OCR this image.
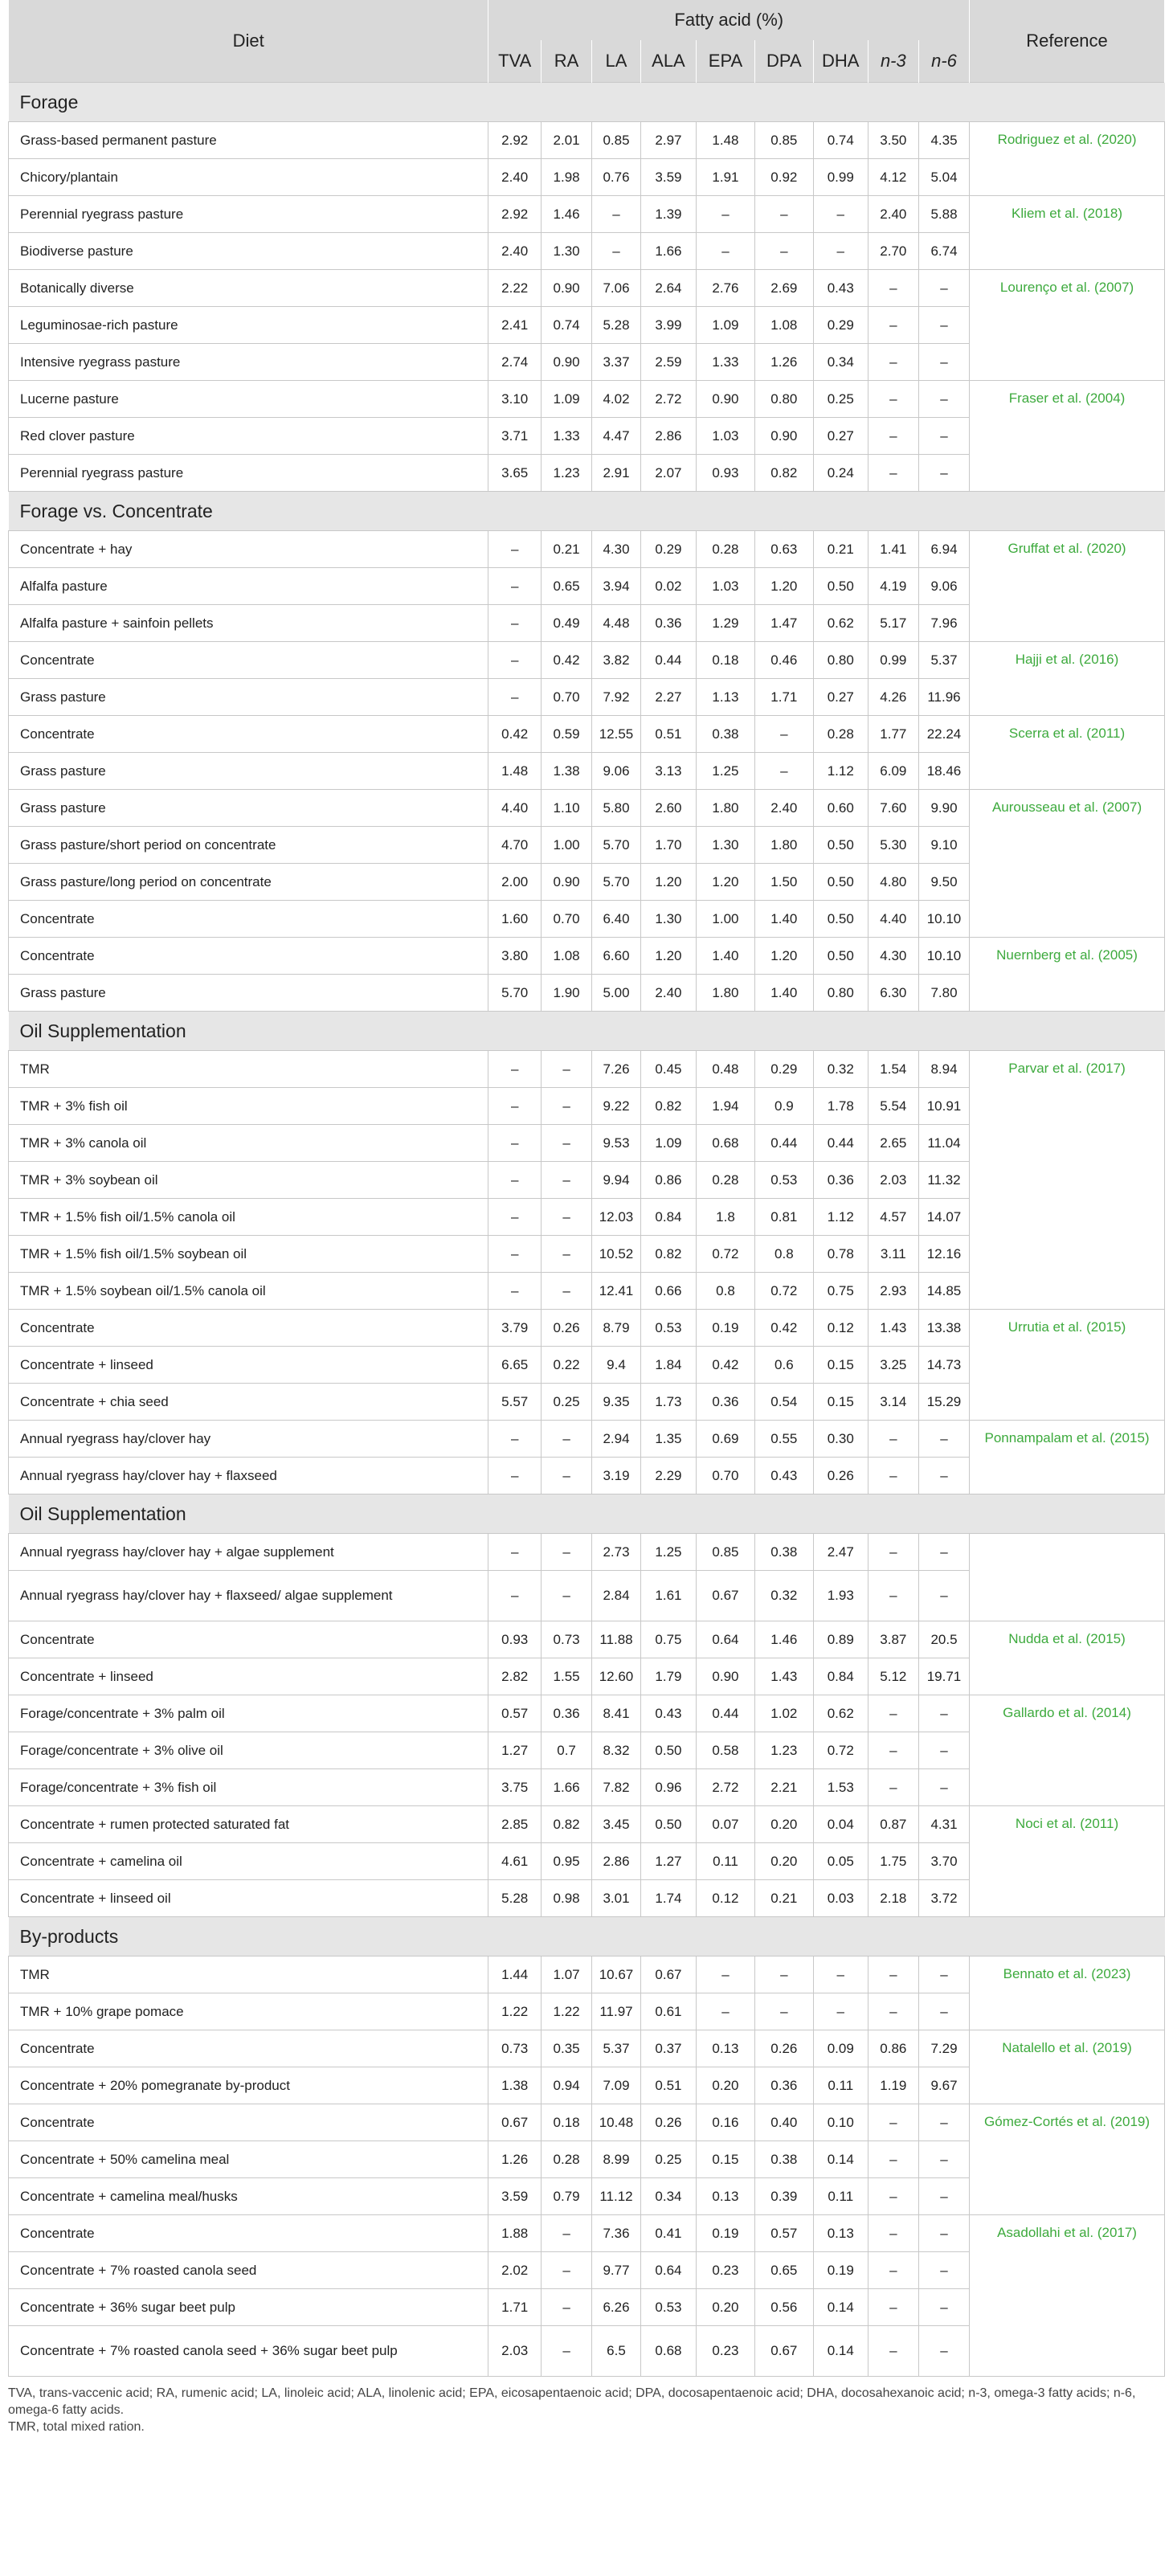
Diet	Fatty acid (%)									Reference
	TVA	RA	LA	ALA	EPA	DPA	DHA	n-3	n-6	
Forage										
Grass-based permanent pasture	2.92	2.01	0.85	2.97	1.48	0.85	0.74	3.50	4.35	Rodriguez et al. (2020)
Chicory/plantain	2.40	1.98	0.76	3.59	1.91	0.92	0.99	4.12	5.04	
Perennial ryegrass pasture	2.92	1.46	–	1.39	–	–	–	2.40	5.88	Kliem et al. (2018)
Biodiverse pasture	2.40	1.30	–	1.66	–	–	–	2.70	6.74	
Botanically diverse	2.22	0.90	7.06	2.64	2.76	2.69	0.43	–	–	Lourenço et al. (2007)
Leguminosae-rich pasture	2.41	0.74	5.28	3.99	1.09	1.08	0.29	–	–	
Intensive ryegrass pasture	2.74	0.90	3.37	2.59	1.33	1.26	0.34	–	–	
Lucerne pasture	3.10	1.09	4.02	2.72	0.90	0.80	0.25	–	–	Fraser et al. (2004)
Red clover pasture	3.71	1.33	4.47	2.86	1.03	0.90	0.27	–	–	
Perennial ryegrass pasture	3.65	1.23	2.91	2.07	0.93	0.82	0.24	–	–	
Forage vs. Concentrate										
Concentrate + hay	–	0.21	4.30	0.29	0.28	0.63	0.21	1.41	6.94	Gruffat et al. (2020)
Alfalfa pasture	–	0.65	3.94	0.02	1.03	1.20	0.50	4.19	9.06	
Alfalfa pasture + sainfoin pellets	–	0.49	4.48	0.36	1.29	1.47	0.62	5.17	7.96	
Concentrate	–	0.42	3.82	0.44	0.18	0.46	0.80	0.99	5.37	Hajji et al. (2016)
Grass pasture	–	0.70	7.92	2.27	1.13	1.71	0.27	4.26	11.96	
Concentrate	0.42	0.59	12.55	0.51	0.38	–	0.28	1.77	22.24	Scerra et al. (2011)
Grass pasture	1.48	1.38	9.06	3.13	1.25	–	1.12	6.09	18.46	
Grass pasture	4.40	1.10	5.80	2.60	1.80	2.40	0.60	7.60	9.90	Aurousseau et al. (2007)
Grass pasture/short period on concentrate	4.70	1.00	5.70	1.70	1.30	1.80	0.50	5.30	9.10	
Grass pasture/long period on concentrate	2.00	0.90	5.70	1.20	1.20	1.50	0.50	4.80	9.50	
Concentrate	1.60	0.70	6.40	1.30	1.00	1.40	0.50	4.40	10.10	
Concentrate	3.80	1.08	6.60	1.20	1.40	1.20	0.50	4.30	10.10	Nuernberg et al. (2005)
Grass pasture	5.70	1.90	5.00	2.40	1.80	1.40	0.80	6.30	7.80	
Oil Supplementation										
TMR	–	–	7.26	0.45	0.48	0.29	0.32	1.54	8.94	Parvar et al. (2017)
TMR + 3% fish oil	–	–	9.22	0.82	1.94	0.9	1.78	5.54	10.91	
TMR + 3% canola oil	–	–	9.53	1.09	0.68	0.44	0.44	2.65	11.04	
TMR + 3% soybean oil	–	–	9.94	0.86	0.28	0.53	0.36	2.03	11.32	
TMR + 1.5% fish oil/1.5% canola oil	–	–	12.03	0.84	1.8	0.81	1.12	4.57	14.07	
TMR + 1.5% fish oil/1.5% soybean oil	–	–	10.52	0.82	0.72	0.8	0.78	3.11	12.16	
TMR + 1.5% soybean oil/1.5% canola oil	–	–	12.41	0.66	0.8	0.72	0.75	2.93	14.85	
Concentrate	3.79	0.26	8.79	0.53	0.19	0.42	0.12	1.43	13.38	Urrutia et al. (2015)
Concentrate + linseed	6.65	0.22	9.4	1.84	0.42	0.6	0.15	3.25	14.73	
Concentrate + chia seed	5.57	0.25	9.35	1.73	0.36	0.54	0.15	3.14	15.29	
Annual ryegrass hay/clover hay	–	–	2.94	1.35	0.69	0.55	0.30	–	–	Ponnampalam et al. (2015)
Annual ryegrass hay/clover hay + flaxseed	–	–	3.19	2.29	0.70	0.43	0.26	–	–	
Oil Supplementation										
Annual ryegrass hay/clover hay + algae supplement	–	–	2.73	1.25	0.85	0.38	2.47	–	–	
Annual ryegrass hay/clover hay + flaxseed/ algae supplement	–	–	2.84	1.61	0.67	0.32	1.93	–	–	
Concentrate	0.93	0.73	11.88	0.75	0.64	1.46	0.89	3.87	20.5	Nudda et al. (2015)
Concentrate + linseed	2.82	1.55	12.60	1.79	0.90	1.43	0.84	5.12	19.71	
Forage/concentrate + 3% palm oil	0.57	0.36	8.41	0.43	0.44	1.02	0.62	–	–	Gallardo et al. (2014)
Forage/concentrate + 3% olive oil	1.27	0.7	8.32	0.50	0.58	1.23	0.72	–	–	
Forage/concentrate + 3% fish oil	3.75	1.66	7.82	0.96	2.72	2.21	1.53	–	–	
Concentrate + rumen protected saturated fat	2.85	0.82	3.45	0.50	0.07	0.20	0.04	0.87	4.31	Noci et al. (2011)
Concentrate + camelina oil	4.61	0.95	2.86	1.27	0.11	0.20	0.05	1.75	3.70	
Concentrate + linseed oil	5.28	0.98	3.01	1.74	0.12	0.21	0.03	2.18	3.72	
By-products										
TMR	1.44	1.07	10.67	0.67	–	–	–	–	–	Bennato et al. (2023)
TMR + 10% grape pomace	1.22	1.22	11.97	0.61	–	–	–	–	–	
Concentrate	0.73	0.35	5.37	0.37	0.13	0.26	0.09	0.86	7.29	Natalello et al. (2019)
Concentrate + 20% pomegranate by-product	1.38	0.94	7.09	0.51	0.20	0.36	0.11	1.19	9.67	
Concentrate	0.67	0.18	10.48	0.26	0.16	0.40	0.10	–	–	Gómez-Cortés et al. (2019)
Concentrate + 50% camelina meal	1.26	0.28	8.99	0.25	0.15	0.38	0.14	–	–	
Concentrate + camelina meal/husks	3.59	0.79	11.12	0.34	0.13	0.39	0.11	–	–	
Concentrate	1.88	–	7.36	0.41	0.19	0.57	0.13	–	–	Asadollahi et al. (2017)
Concentrate + 7% roasted canola seed	2.02	–	9.77	0.64	0.23	0.65	0.19	–	–	
Concentrate + 36% sugar beet pulp	1.71	–	6.26	0.53	0.20	0.56	0.14	–	–	
Concentrate + 7% roasted canola seed + 36% sugar beet pulp	2.03	–	6.5	0.68	0.23	0.67	0.14	–	–	

TVA, trans-vaccenic acid; RA, rumenic acid; LA, linoleic acid; ALA, linolenic acid; EPA, eicosapentaenoic acid; DPA, docosapentaenoic acid; DHA, docosahexanoic acid; n-3, omega-3 fatty acids; n-6, omega-6 fatty acids.

TMR, total mixed ration.
